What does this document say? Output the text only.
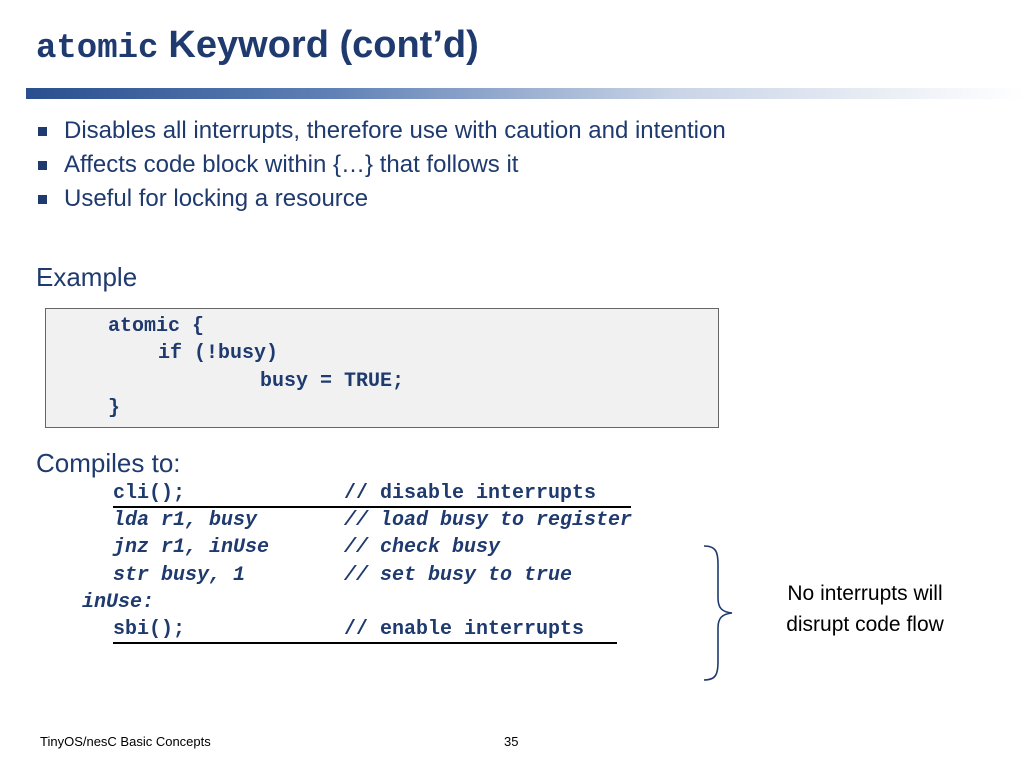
atomic Keyword (cont’d)
Disables all interrupts, therefore use with caution and intention
Affects code block within {…} that follows it
Useful for locking a resource
Example
atomic {
if (!busy)
busy = TRUE;
}
Compiles to:
cli();	// disable interrupts
lda r1, busy	// load busy to register
jnz r1, inUse	// check busy
str busy, 1	// set busy to true
inUse:
sbi();	// enable interrupts
No interrupts will
disrupt code flow
TinyOS/nesC Basic Concepts	35
